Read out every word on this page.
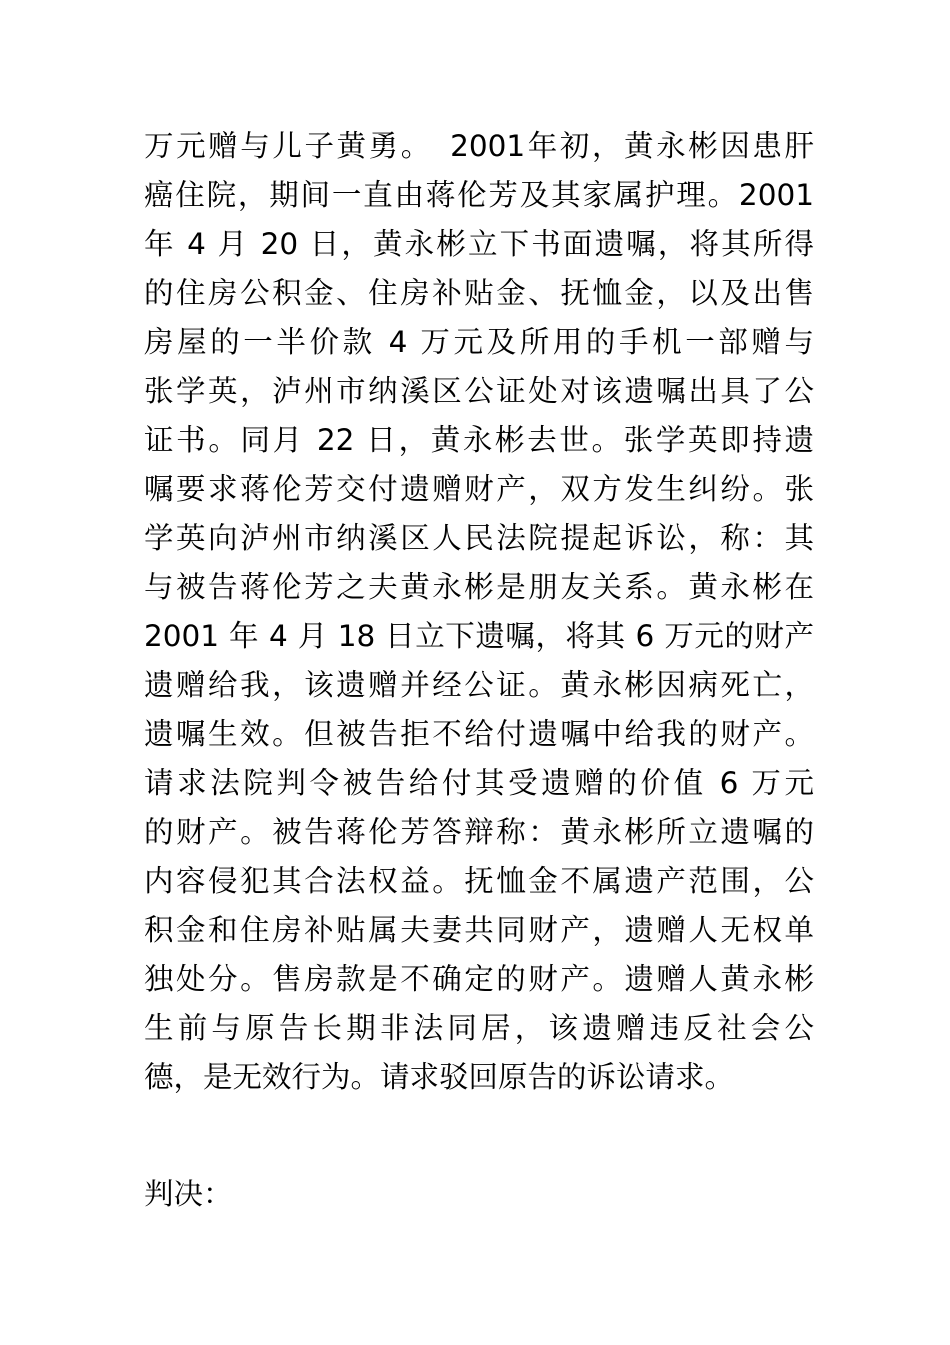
万元赠与儿子黄勇。　2001年初，黄永彬因患肝
癌住院，期间一直由蒋伦芳及其家属护理。2001
年 4 月 20 日，黄永彬立下书面遗嘱，将其所得
的住房公积金、住房补贴金、抚恤金，以及出售
房屋的一半价款 4 万元及所用的手机一部赠与
张学英，泸州市纳溪区公证处对该遗嘱出具了公
证书。同月 22 日，黄永彬去世。张学英即持遗
嘱要求蒋伦芳交付遗赠财产，双方发生纠纷。张
学英向泸州市纳溪区人民法院提起诉讼，称：其
与被告蒋伦芳之夫黄永彬是朋友关系。黄永彬在
2001 年 4 月 18 日立下遗嘱，将其 6 万元的财产
遗赠给我，该遗赠并经公证。黄永彬因病死亡，
遗嘱生效。但被告拒不给付遗嘱中给我的财产。
请求法院判令被告给付其受遗赠的价值 6 万元
的财产。被告蒋伦芳答辩称：黄永彬所立遗嘱的
内容侵犯其合法权益。抚恤金不属遗产范围，公
积金和住房补贴属夫妻共同财产，遗赠人无权单
独处分。售房款是不确定的财产。遗赠人黄永彬
生前与原告长期非法同居，该遗赠违反社会公
德，是无效行为。请求驳回原告的诉讼请求。

判决：
